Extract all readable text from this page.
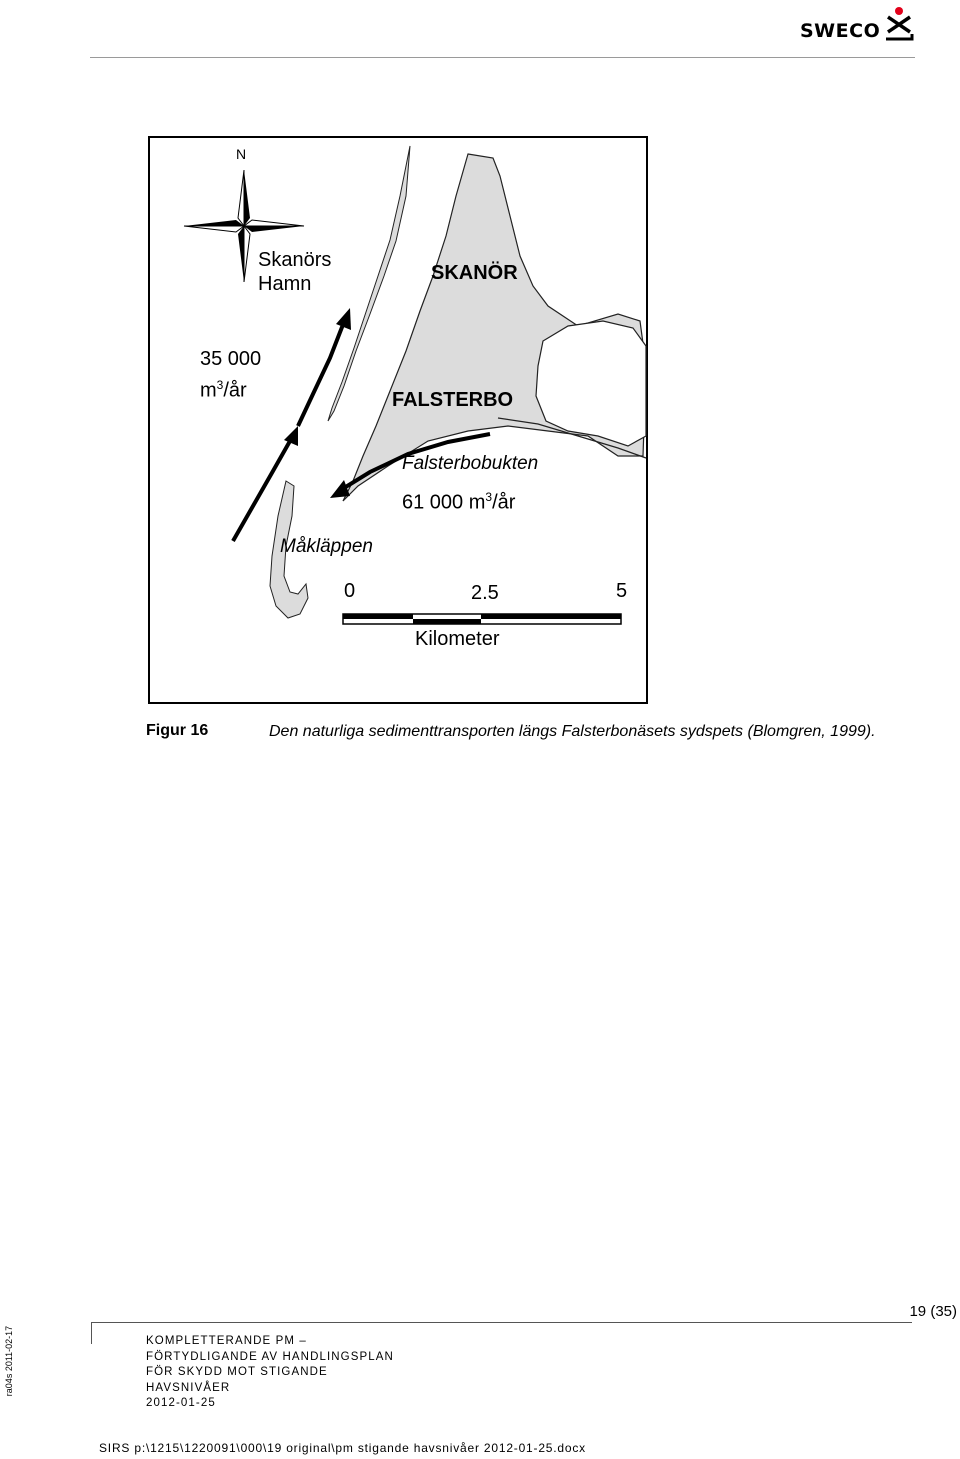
SWECO
N
Skanörs
Hamn	SKANÖR
FALSTERBO
Falsterbobukten
35 000
$m^3/år$
61 000 $m^3/år$
Måkläppen
0	2.5	5
Kilometer
Figur 16	Den naturliga sedimenttransporten längs Falsterbonäsets sydspets (Blomgren, 1999).
19 (35)
KOMPLETTERANDE PM –
FÖRTYDLIGANDE AV HANDLINGSPLAN
FÖR SKYDD MOT STIGANDE
HAVSNIVÅER
2012-01-25
ra04s 2011-02-17
SIRS p:\1215\1220091\000\19 original\pm stigande havsnivåer 2012-01-25.docx
